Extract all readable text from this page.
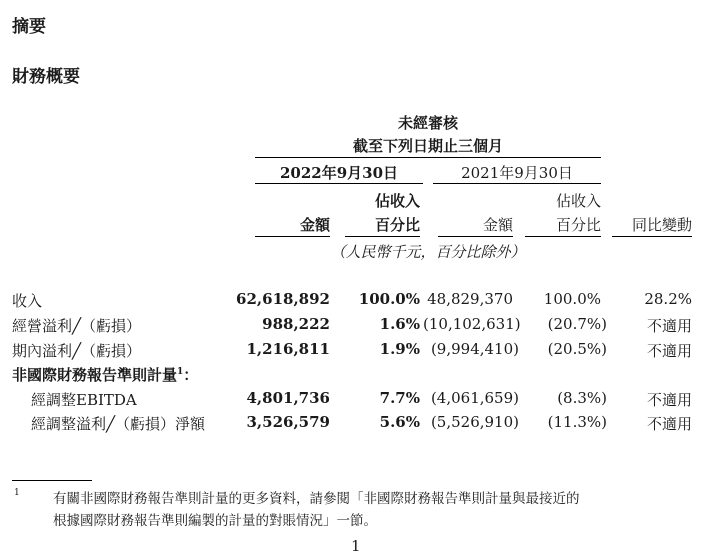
摘要
財務概要
未經審核
截至下列日期止三個月
2022年9月30日	2021年9月30日
佔收入	佔收入
金額	百分比	金額	百分比	同比變動
（人民幣千元，百分比除外）
收入	62,618,892	100.0% 48,829,370	100.0%	28.2%
經營溢利╱（虧損）	988,222	1.6% (10,102,631)	(20.7%)	不適用
期內溢利╱（虧損）	1,216,811	1.9% (9,994,410)	(20.5%)	不適用
非國際財務報告準則計量$^1$：
經調整EBITDA	4,801,736	7.7% (4,061,659)	(8.3%)	不適用
經調整溢利╱（虧損）淨額	3,526,579	5.6% (5,526,910)	(11.3%)	不適用
1 有關非國際財務報告準則計量的更多資料，請參閱「非國際財務報告準則計量與最接近的
根據國際財務報告準則編製的計量的對賬情況」一節。
1
